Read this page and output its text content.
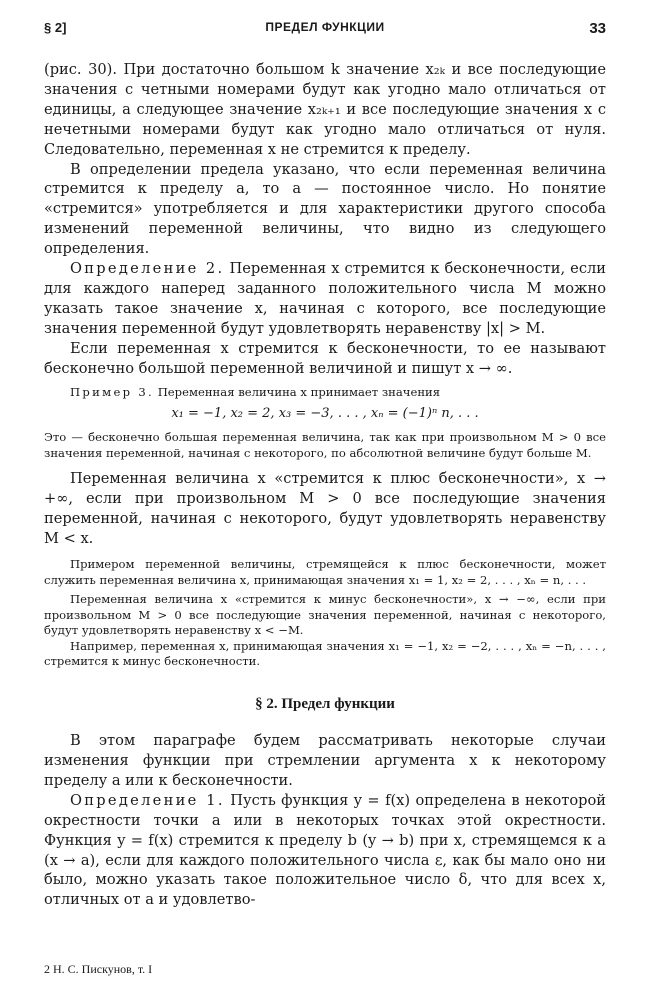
§ 2]	ПРЕДЕЛ ФУНКЦИИ	33

(рис. 30). При достаточно большом k значение x₂ₖ и все последующие значения с четными номерами будут как угодно мало отличаться от единицы, а следующее значение x₂ₖ₊₁ и все последующие значения x с нечетными номерами будут как угодно мало отличаться от нуля. Следовательно, переменная x не стремится к пределу.

В определении предела указано, что если переменная величина стремится к пределу a, то a — постоянное число. Но понятие «стремится» употребляется и для характеристики другого способа изменений переменной величины, что видно из следующего определения.

Определение 2. Переменная x стремится к бесконечности, если для каждого наперед заданного положительного числа M можно указать такое значение x, начиная с которого, все последующие значения переменной будут удовлетворять неравенству |x| > M.

Если переменная x стремится к бесконечности, то ее называют бесконечно большой переменной величиной и пишут x → ∞.

Пример 3. Переменная величина x принимает значения

x₁ = −1, x₂ = 2, x₃ = −3, . . . , xₙ = (−1)ⁿ n, . . .

Это — бесконечно большая переменная величина, так как при произвольном M > 0 все значения переменной, начиная с некоторого, по абсолютной величине будут больше M.

Переменная величина x «стремится к плюс бесконечности», x → +∞, если при произвольном M > 0 все последующие значения переменной, начиная с некоторого, будут удовлетворять неравенству M < x.

Примером переменной величины, стремящейся к плюс бесконечности, может служить переменная величина x, принимающая значения x₁ = 1, x₂ = 2, . . . , xₙ = n, . . .

Переменная величина x «стремится к минус бесконечности», x → −∞, если при произвольном M > 0 все последующие значения переменной, начиная с некоторого, будут удовлетворять неравенству x < −M.

Например, переменная x, принимающая значения x₁ = −1, x₂ = −2, . . . , xₙ = −n, . . . , стремится к минус бесконечности.

§ 2. Предел функции

В этом параграфе будем рассматривать некоторые случаи изменения функции при стремлении аргумента x к некоторому пределу a или к бесконечности.

Определение 1. Пусть функция y = f(x) определена в некоторой окрестности точки a или в некоторых точках этой окрестности. Функция y = f(x) стремится к пределу b (y → b) при x, стремящемся к a (x → a), если для каждого положительного числа ε, как бы мало оно ни было, можно указать такое положительное число δ, что для всех x, отличных от a и удовлетво-

2 Н. С. Пискунов, т. I
